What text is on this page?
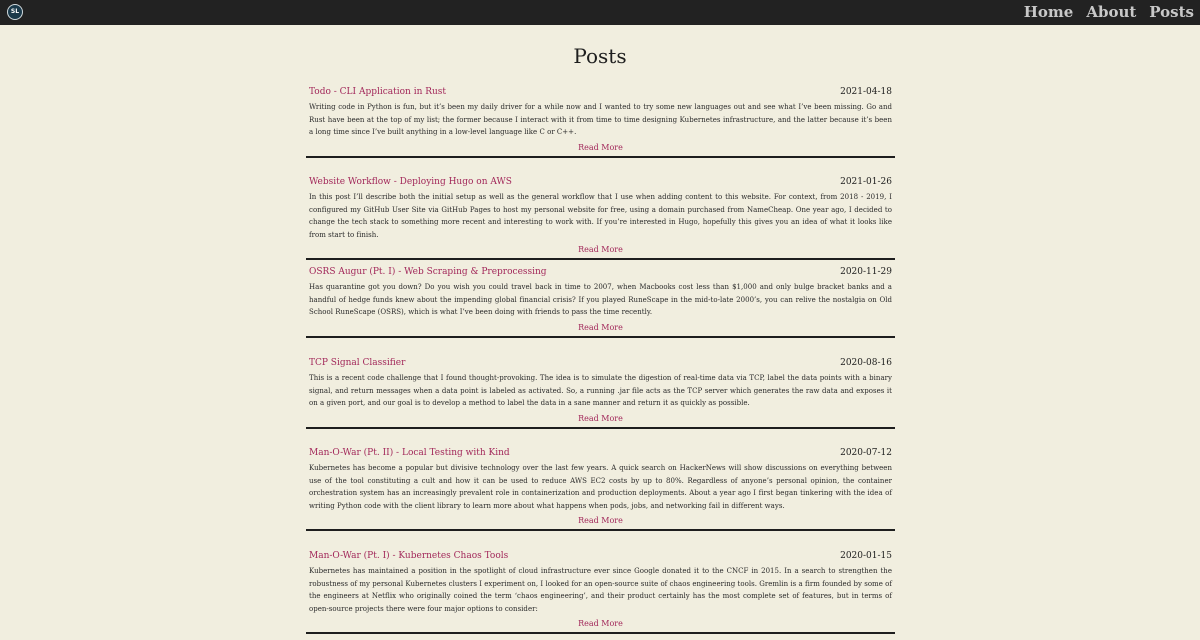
SL	Home About Posts
Posts
Todo - CLI Application in Rust	2021-04-18

Writing code in Python is fun, but it’s been my daily driver for a while now and I wanted to try some new languages out and see what I’ve been missing. Go and Rust have been at the top of my list; the former because I interact with it from time to time designing Kubernetes infrastructure, and the latter because it’s been a long time since I’ve built anything in a low-level language like C or C++.

Read More
Website Workflow - Deploying Hugo on AWS	2021-01-26

In this post I’ll describe both the initial setup as well as the general workflow that I use when adding content to this website. For context, from 2018 - 2019, I configured my GitHub User Site via GitHub Pages to host my personal website for free, using a domain purchased from NameCheap. One year ago, I decided to change the tech stack to something more recent and interesting to work with. If you’re interested in Hugo, hopefully this gives you an idea of what it looks like from start to finish.

Read More
OSRS Augur (Pt. I) - Web Scraping & Preprocessing	2020-11-29

Has quarantine got you down? Do you wish you could travel back in time to 2007, when Macbooks cost less than $1,000 and only bulge bracket banks and a handful of hedge funds knew about the impending global financial crisis? If you played RuneScape in the mid-to-late 2000’s, you can relive the nostalgia on Old School RuneScape (OSRS), which is what I’ve been doing with friends to pass the time recently.

Read More
TCP Signal Classifier	2020-08-16

This is a recent code challenge that I found thought-provoking. The idea is to simulate the digestion of real-time data via TCP, label the data points with a binary signal, and return messages when a data point is labeled as activated. So, a running .jar file acts as the TCP server which generates the raw data and exposes it on a given port, and our goal is to develop a method to label the data in a sane manner and return it as quickly as possible.

Read More
Man-O-War (Pt. II) - Local Testing with Kind	2020-07-12

Kubernetes has become a popular but divisive technology over the last few years. A quick search on HackerNews will show discussions on everything between use of the tool constituting a cult and how it can be used to reduce AWS EC2 costs by up to 80%. Regardless of anyone’s personal opinion, the container orchestration system has an increasingly prevalent role in containerization and production deployments. About a year ago I first began tinkering with the idea of writing Python code with the client library to learn more about what happens when pods, jobs, and networking fail in different ways.

Read More
Man-O-War (Pt. I) - Kubernetes Chaos Tools	2020-01-15

Kubernetes has maintained a position in the spotlight of cloud infrastructure ever since Google donated it to the CNCF in 2015. In a search to strengthen the robustness of my personal Kubernetes clusters I experiment on, I looked for an open-source suite of chaos engineering tools. Gremlin is a firm founded by some of the engineers at Netflix who originally coined the term ‘chaos engineering’, and their product certainly has the most complete set of features, but in terms of open-source projects there were four major options to consider:

Read More
